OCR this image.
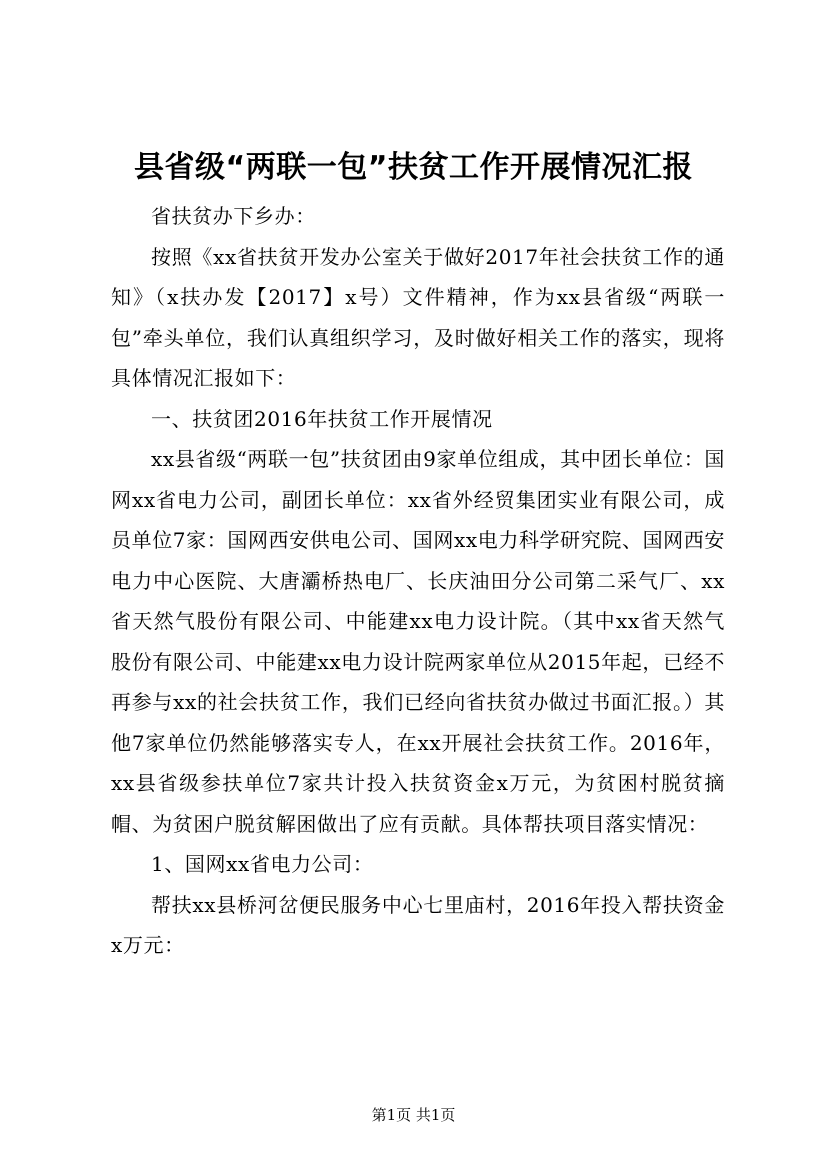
县省级“两联一包”扶贫工作开展情况汇报

省扶贫办下乡办：

按照《xx省扶贫开发办公室关于做好2017年社会扶贫工作的通知》（x扶办发【2017】x号）文件精神，作为xx县省级“两联一包”牵头单位，我们认真组织学习，及时做好相关工作的落实，现将具体情况汇报如下：

一、扶贫团2016年扶贫工作开展情况

xx县省级“两联一包”扶贫团由9家单位组成，其中团长单位：国网xx省电力公司，副团长单位：xx省外经贸集团实业有限公司，成员单位7家：国网西安供电公司、国网xx电力科学研究院、国网西安电力中心医院、大唐灞桥热电厂、长庆油田分公司第二采气厂、xx省天然气股份有限公司、中能建xx电力设计院。（其中xx省天然气股份有限公司、中能建xx电力设计院两家单位从2015年起，已经不再参与xx的社会扶贫工作，我们已经向省扶贫办做过书面汇报。）其他7家单位仍然能够落实专人，在xx开展社会扶贫工作。2016年，xx县省级参扶单位7家共计投入扶贫资金x万元，为贫困村脱贫摘帽、为贫困户脱贫解困做出了应有贡献。具体帮扶项目落实情况：

1、国网xx省电力公司：

帮扶xx县桥河岔便民服务中心七里庙村，2016年投入帮扶资金x万元：

第1页 共1页
